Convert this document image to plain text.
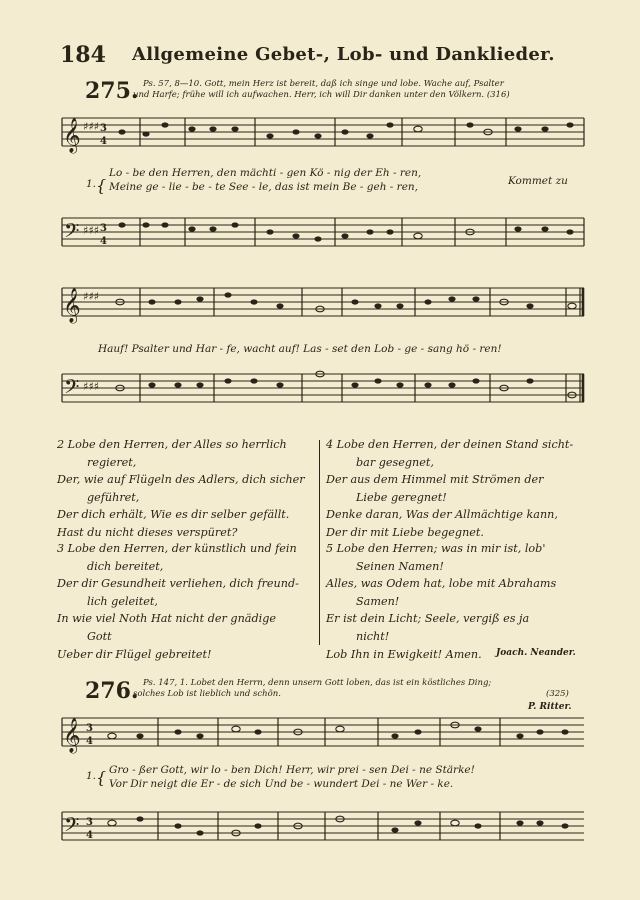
184 Allgemeine Gebet-, Lob- und Danklieder.
275. Ps. 57, 8—10. Gott, mein Herz ist bereit, daß ich singe und lobe. Wache auf, Psalter
und Harfe; frühe will ich aufwachen. Herr, ich will Dir danken unter den Völkern. (316)
𝄞 ♯♯♯ 3
4
{
1.
Lo - be den Herren, den mächti - gen Kö - nig der Eh - ren,
Meine ge - lie - be - te See - le, das ist mein Be - geh - ren,	Kommet zu
𝄢 ♯♯♯ 3
4
𝄞 ♯♯♯
Hauf! Psalter und Har - fe, wacht auf! Las - set den Lob - ge - sang hö - ren!
𝄢 ♯♯♯

2 Lobe den Herren, der Alles so herrlich

regieret,

Der, wie auf Flügeln des Adlers, dich sicher

geführet,

Der dich erhält, Wie es dir selber gefällt.

Hast du nicht dieses verspüret?

3 Lobe den Herren, der künstlich und fein

dich bereitet,

Der dir Gesundheit verliehen, dich freund-

lich geleitet,

In wie viel Noth Hat nicht der gnädige

Gott

Ueber dir Flügel gebreitet!

4 Lobe den Herren, der deinen Stand sicht-

bar gesegnet,

Der aus dem Himmel mit Strömen der

Liebe geregnet!

Denke daran, Was der Allmächtige kann,

Der dir mit Liebe begegnet.

5 Lobe den Herren; was in mir ist, lob'

Seinen Namen!

Alles, was Odem hat, lobe mit Abrahams

Samen!

Er ist dein Licht; Seele, vergiß es ja

nicht!

Lob Ihn in Ewigkeit! Amen.	Joach. Neander.
276. Ps. 147, 1. Lobet den Herrn, denn unsern Gott loben, das ist ein köstliches Ding;
solches Lob ist lieblich und schön.	(325)
P. Ritter.
𝄞 3
4
{
1. Gro - ßer Gott, wir lo - ben Dich! Herr, wir prei - sen Dei - ne Stärke!
Vor Dir neigt die Er - de sich Und be - wundert Dei - ne Wer - ke.
𝄢 3
4
